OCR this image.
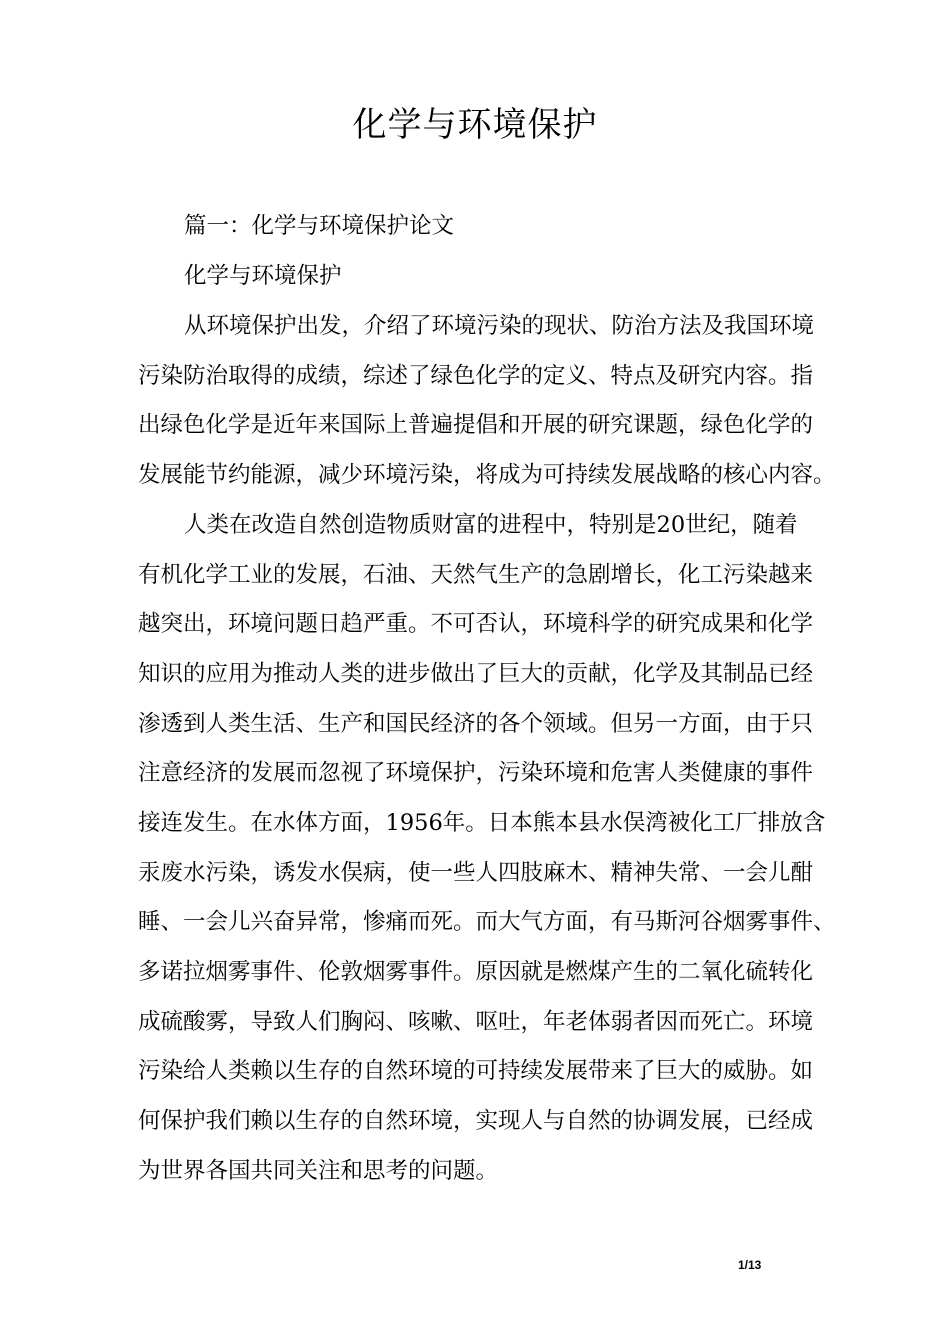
化学与环境保护
篇一：化学与环境保护论文
化学与环境保护
从环境保护出发，介绍了环境污染的现状、防治方法及我国环境
污染防治取得的成绩，综述了绿色化学的定义、特点及研究内容。指
出绿色化学是近年来国际上普遍提倡和开展的研究课题，绿色化学的
发展能节约能源，减少环境污染，将成为可持续发展战略的核心内容。
人类在改造自然创造物质财富的进程中，特别是20世纪，随着
有机化学工业的发展，石油、天然气生产的急剧增长，化工污染越来
越突出，环境问题日趋严重。不可否认，环境科学的研究成果和化学
知识的应用为推动人类的进步做出了巨大的贡献，化学及其制品已经
渗透到人类生活、生产和国民经济的各个领域。但另一方面，由于只
注意经济的发展而忽视了环境保护，污染环境和危害人类健康的事件
接连发生。在水体方面，1956年。日本熊本县水俣湾被化工厂排放含
汞废水污染，诱发水俣病，使一些人四肢麻木、精神失常、一会儿酣
睡、一会儿兴奋异常，惨痛而死。而大气方面，有马斯河谷烟雾事件、
多诺拉烟雾事件、伦敦烟雾事件。原因就是燃煤产生的二氧化硫转化
成硫酸雾，导致人们胸闷、咳嗽、呕吐，年老体弱者因而死亡。环境
污染给人类赖以生存的自然环境的可持续发展带来了巨大的威胁。如
何保护我们赖以生存的自然环境，实现人与自然的协调发展，已经成
为世界各国共同关注和思考的问题。
1/13
